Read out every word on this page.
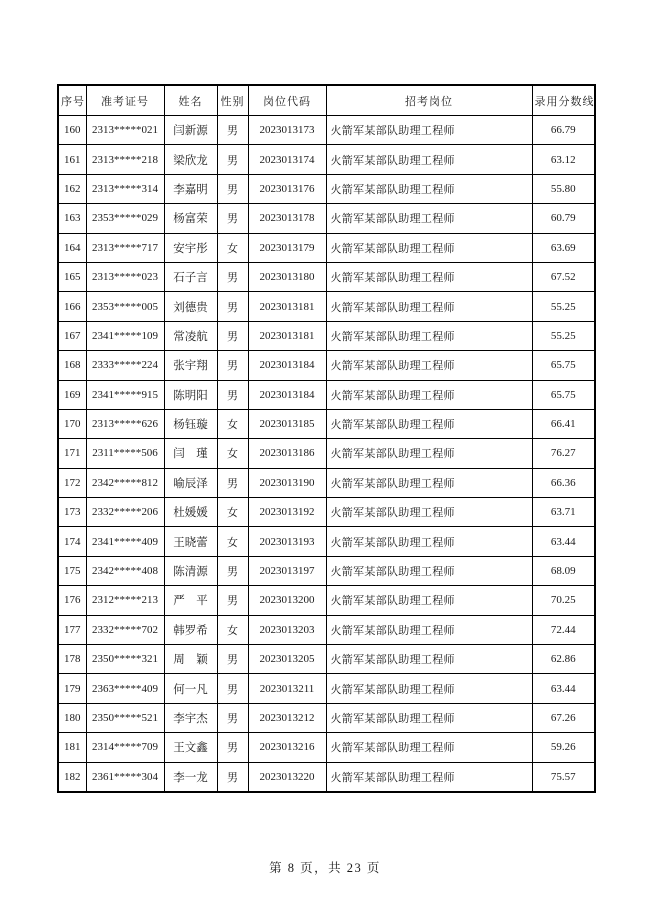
序号	准考证号	姓名	性别	岗位代码	招考岗位	录用分数线
160	2313*****021	闫新源	男	2023013173	火箭军某部队助理工程师	66.79
161	2313*****218	梁欣龙	男	2023013174	火箭军某部队助理工程师	63.12
162	2313*****314	李嘉明	男	2023013176	火箭军某部队助理工程师	55.80
163	2353*****029	杨富荣	男	2023013178	火箭军某部队助理工程师	60.79
164	2313*****717	安宇彤	女	2023013179	火箭军某部队助理工程师	63.69
165	2313*****023	石子言	男	2023013180	火箭军某部队助理工程师	67.52
166	2353*****005	刘德贵	男	2023013181	火箭军某部队助理工程师	55.25
167	2341*****109	常凌航	男	2023013181	火箭军某部队助理工程师	55.25
168	2333*****224	张宇翔	男	2023013184	火箭军某部队助理工程师	65.75
169	2341*****915	陈明阳	男	2023013184	火箭军某部队助理工程师	65.75
170	2313*****626	杨钰璇	女	2023013185	火箭军某部队助理工程师	66.41
171	2311*****506	闫　瑾	女	2023013186	火箭军某部队助理工程师	76.27
172	2342*****812	喻辰泽	男	2023013190	火箭军某部队助理工程师	66.36
173	2332*****206	杜媛媛	女	2023013192	火箭军某部队助理工程师	63.71
174	2341*****409	王晓蕾	女	2023013193	火箭军某部队助理工程师	63.44
175	2342*****408	陈清源	男	2023013197	火箭军某部队助理工程师	68.09
176	2312*****213	严　平	男	2023013200	火箭军某部队助理工程师	70.25
177	2332*****702	韩罗希	女	2023013203	火箭军某部队助理工程师	72.44
178	2350*****321	周　颖	男	2023013205	火箭军某部队助理工程师	62.86
179	2363*****409	何一凡	男	2023013211	火箭军某部队助理工程师	63.44
180	2350*****521	李宇杰	男	2023013212	火箭军某部队助理工程师	67.26
181	2314*****709	王文鑫	男	2023013216	火箭军某部队助理工程师	59.26
182	2361*****304	李一龙	男	2023013220	火箭军某部队助理工程师	75.57
第 8 页，共 23 页
